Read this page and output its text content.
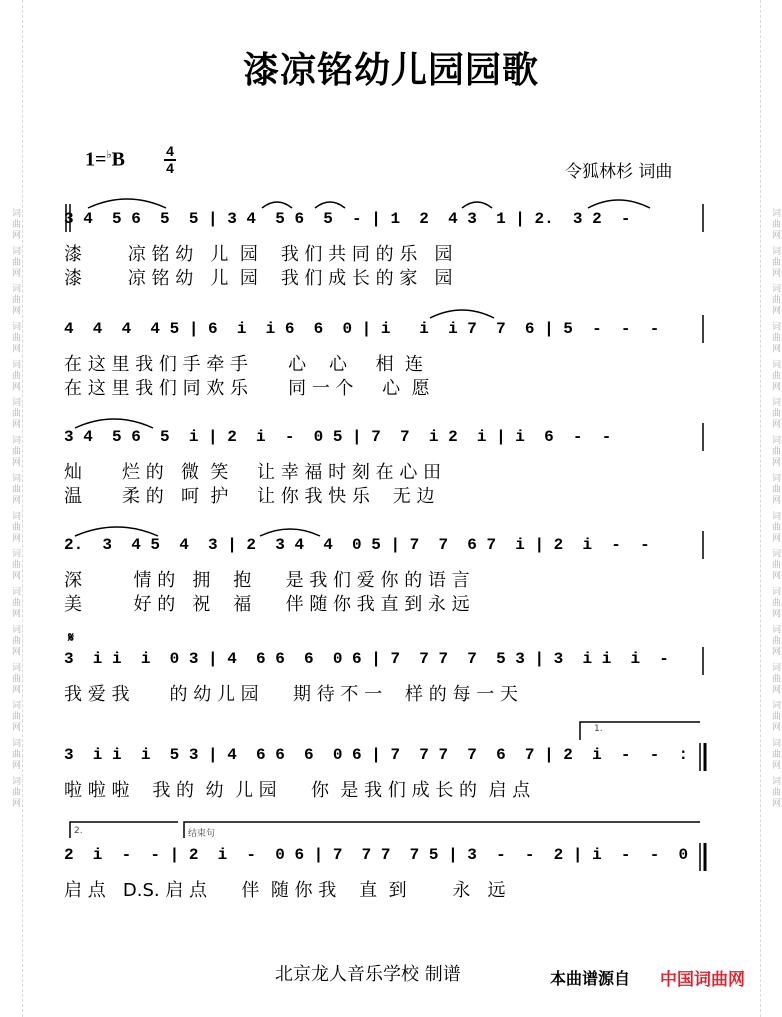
词曲网 词曲网 词曲网 词曲网 词曲网 词曲网 词曲网 词曲网 词曲网 词曲网 词曲网 词曲网 词曲网 词曲网 词曲网 词曲网	词曲网 词曲网 词曲网 词曲网 词曲网 词曲网 词曲网 词曲网 词曲网 词曲网 词曲网 词曲网 词曲网 词曲网 词曲网 词曲网
漆凉铭幼儿园园歌
1=♭B	4
4	令狐林杉 词曲
3 4  5 6  5  5 | 3 4  5 6  5  - | 1  2  4 3  1 | 2.  3 2  -
漆        凉 铭 幼   儿  园    我 们 共 同 的 乐   园
漆        凉 铭 幼   儿  园    我 们 成 长 的 家   园
4  4  4  4 5 | 6  i  i 6  6  0 | i   i  i 7  7  6 | 5  -  -  -
在 这 里 我 们 手 牵 手       心    心     相  连
在 这 里 我 们 同 欢 乐       同 一 个     心  愿
3 4  5 6  5  i | 2  i  -  0 5 | 7  7  i 2  i | i  6  -  -
灿       烂 的   微  笑     让 幸 福 时 刻 在 心 田
温       柔 的   呵  护     让 你 我 快 乐    无 边
2.  3  4 5  4  3 | 2  3 4  4  0 5 | 7  7  6 7  i | 2  i  -  -
深         情 的   拥    抱      是 我 们 爱 你 的 语 言
美         好 的   祝    福      伴 随 你 我 直 到 永 远
𝄋
3  i i  i  0 3 | 4  6 6  6  0 6 | 7  7 7  7  5 3 | 3  i i  i  -
我 爱 我       的 幼 儿 园      期 待 不 一    样 的 每 一 天
1.
3  i i  i  5 3 | 4  6 6  6  0 6 | 7  7 7  7  6  7 | 2  i  -  -  :
啦 啦 啦    我 的  幼  儿 园      你  是 我 们 成 长 的  启 点
2.	结束句
2  i  -  - | 2  i  -  0 6 | 7  7 7  7 5 | 3  -  -  2 | i  -  -  0
启 点   D.S. 启 点      伴  随 你 我    直  到        永   远
北京龙人音乐学校 制谱	本曲谱源自 中国词曲网
